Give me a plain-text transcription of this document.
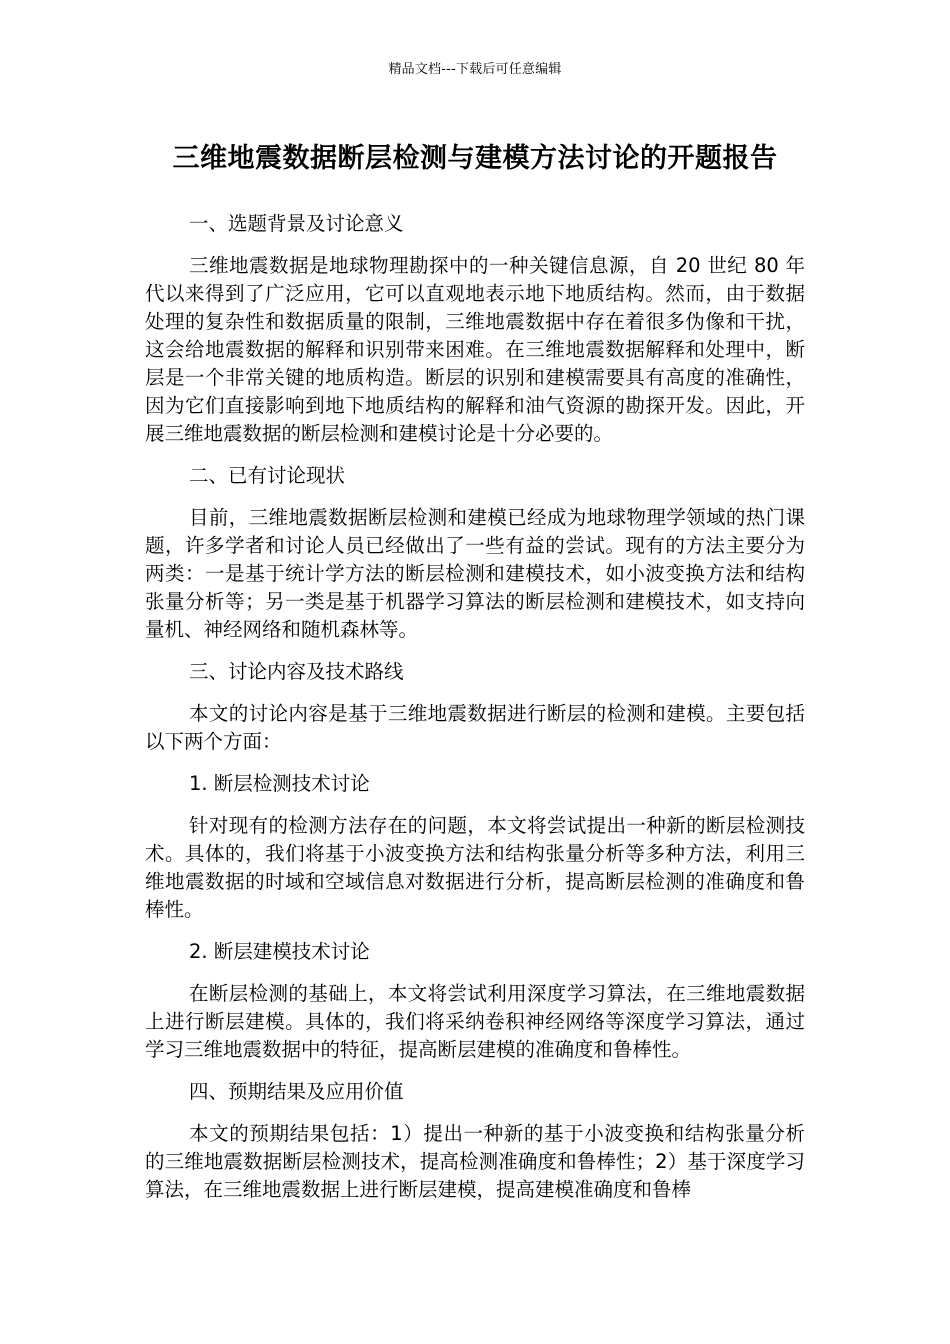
精品文档---下载后可任意编辑
三维地震数据断层检测与建模方法讨论的开题报告
一、选题背景及讨论意义
三维地震数据是地球物理勘探中的一种关键信息源，自 20 世纪 80 年代以来得到了广泛应用，它可以直观地表示地下地质结构。然而，由于数据处理的复杂性和数据质量的限制，三维地震数据中存在着很多伪像和干扰，这会给地震数据的解释和识别带来困难。在三维地震数据解释和处理中，断层是一个非常关键的地质构造。断层的识别和建模需要具有高度的准确性，因为它们直接影响到地下地质结构的解释和油气资源的勘探开发。因此，开展三维地震数据的断层检测和建模讨论是十分必要的。
二、已有讨论现状
目前，三维地震数据断层检测和建模已经成为地球物理学领域的热门课题，许多学者和讨论人员已经做出了一些有益的尝试。现有的方法主要分为两类：一是基于统计学方法的断层检测和建模技术，如小波变换方法和结构张量分析等；另一类是基于机器学习算法的断层检测和建模技术，如支持向量机、神经网络和随机森林等。
三、讨论内容及技术路线
本文的讨论内容是基于三维地震数据进行断层的检测和建模。主要包括以下两个方面：
1. 断层检测技术讨论
针对现有的检测方法存在的问题，本文将尝试提出一种新的断层检测技术。具体的，我们将基于小波变换方法和结构张量分析等多种方法，利用三维地震数据的时域和空域信息对数据进行分析，提高断层检测的准确度和鲁棒性。
2. 断层建模技术讨论
在断层检测的基础上，本文将尝试利用深度学习算法，在三维地震数据上进行断层建模。具体的，我们将采纳卷积神经网络等深度学习算法，通过学习三维地震数据中的特征，提高断层建模的准确度和鲁棒性。
四、预期结果及应用价值
本文的预期结果包括：1）提出一种新的基于小波变换和结构张量分析的三维地震数据断层检测技术，提高检测准确度和鲁棒性；2）基于深度学习算法，在三维地震数据上进行断层建模，提高建模准确度和鲁棒
